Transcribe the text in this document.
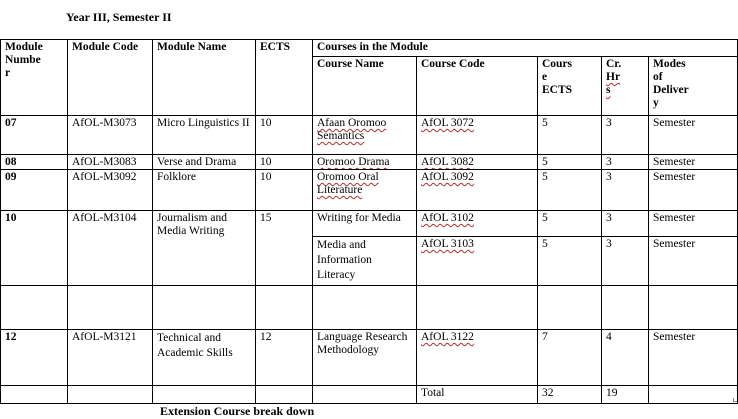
Year III, Semester II
Module
Numbe
r	Module Code	Module Name	ECTS	Courses in the Module				
				Course Name	Course Code	Cours
e
ECTS	Cr.
Hr
s	Modes
of
Deliver
y
07	AfOL-M3073	Micro Linguistics II	10	Afaan Oromoo Semantics	AfOL 3072	5	3	Semester
08	AfOL-M3083	Verse and Drama	10	Oromoo Drama	AfOL 3082	5	3	Semester
09	AfOL-M3092	Folklore	10	Oromoo Oral Literature	AfOL 3092	5	3	Semester
10	AfOL-M3104	Journalism and Media Writing	15	Writing for Media	AfOL 3102	5	3	Semester
				Media and Information Literacy	AfOL 3103	5	3	Semester

12	AfOL-M3121	Technical and Academic Skills	12	Language Research Methodology	AfOL 3122	7	4	Semester
					Total	32	19	
Extension Course break down
